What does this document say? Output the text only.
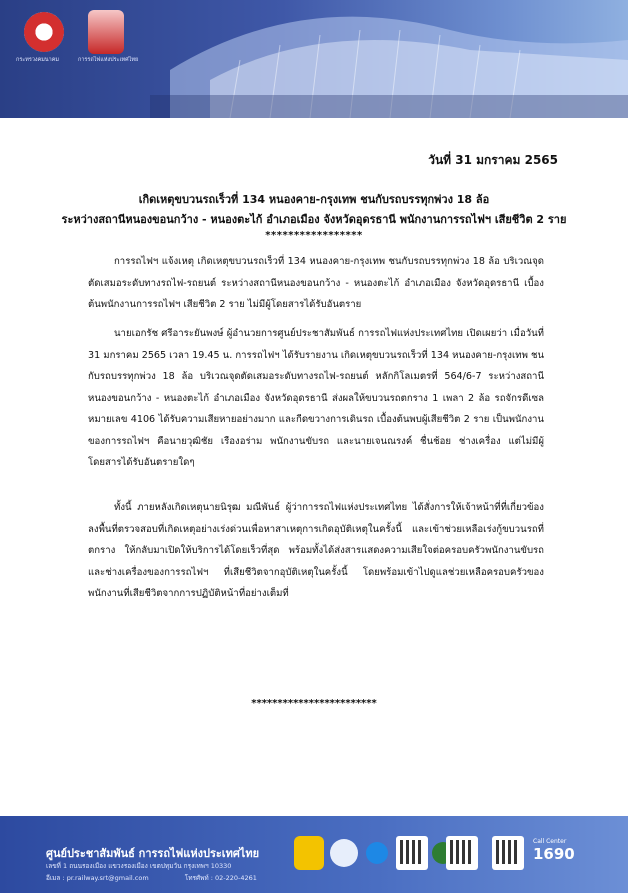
กระทรวงคมนาคม	การรถไฟแห่งประเทศไทย
วันที่ 31 มกราคม 2565
เกิดเหตุขบวนรถเร็วที่ 134 หนองคาย-กรุงเทพ ชนกับรถบรรทุกพ่วง 18 ล้อ
ระหว่างสถานีหนองขอนกว้าง - หนองตะไก้ อำเภอเมือง จังหวัดอุดรธานี พนักงานการรถไฟฯ เสียชีวิต 2 ราย
*****************

การรถไฟฯ แจ้งเหตุ เกิดเหตุขบวนรถเร็วที่ 134 หนองคาย-กรุงเทพ ชนกับรถบรรทุกพ่วง 18 ล้อ บริเวณจุดตัดเสมอระดับทางรถไฟ-รถยนต์ ระหว่างสถานีหนองขอนกว้าง - หนองตะไก้ อำเภอเมือง จังหวัดอุดรธานี เบื้องต้นพนักงานการรถไฟฯ เสียชีวิต 2 ราย ไม่มีผู้โดยสารได้รับอันตราย

นายเอกรัช ศรีอาระยันพงษ์ ผู้อำนวยการศูนย์ประชาสัมพันธ์ การรถไฟแห่งประเทศไทย เปิดเผยว่า เมื่อวันที่ 31 มกราคม 2565 เวลา 19.45 น. การรถไฟฯ ได้รับรายงาน เกิดเหตุขบวนรถเร็วที่ 134 หนองคาย-กรุงเทพ ชนกับรถบรรทุกพ่วง 18 ล้อ บริเวณจุดตัดเสมอระดับทางรถไฟ-รถยนต์ หลักกิโลเมตรที่ 564/6-7 ระหว่างสถานีหนองขอนกว้าง - หนองตะไก้ อำเภอเมือง จังหวัดอุดรธานี ส่งผลให้ขบวนรถตกราง 1 เพลา 2 ล้อ รถจักรดีเซล หมายเลข 4106 ได้รับความเสียหายอย่างมาก และกีดขวางการเดินรถ เบื้องต้นพบผู้เสียชีวิต 2 ราย เป็นพนักงานของการรถไฟฯ คือนายวุฒิชัย เรืองอร่าม พนักงานขับรถ และนายเจนณรงค์ ชื่นช้อย ช่างเครื่อง แต่ไม่มีผู้โดยสารได้รับอันตรายใดๆ

ทั้งนี้ ภายหลังเกิดเหตุนายนิรุฒ มณีพันธ์ ผู้ว่าการรถไฟแห่งประเทศไทย ได้สั่งการให้เจ้าหน้าที่ที่เกี่ยวข้องลงพื้นที่ตรวจสอบที่เกิดเหตุอย่างเร่งด่วนเพื่อหาสาเหตุการเกิดอุบัติเหตุในครั้งนี้ และเข้าช่วยเหลือเร่งกู้ขบวนรถที่ตกราง ให้กลับมาเปิดให้บริการได้โดยเร็วที่สุด พร้อมทั้งได้ส่งสารแสดงความเสียใจต่อครอบครัวพนักงานขับรถและช่างเครื่องของการรถไฟฯ ที่เสียชีวิตจากอุบัติเหตุในครั้งนี้ โดยพร้อมเข้าไปดูแลช่วยเหลือครอบครัวของพนักงานที่เสียชีวิตจากการปฏิบัติหน้าที่อย่างเต็มที่

************************
ศูนย์ประชาสัมพันธ์ การรถไฟแห่งประเทศไทย
เลขที่ 1 ถนนรองเมือง แขวงรองเมือง เขตปทุมวัน กรุงเทพฯ 10330
อีเมล : pr.railway.srt@gmail.com	โทรศัพท์ : 02-220-4261
Call Center
1690
